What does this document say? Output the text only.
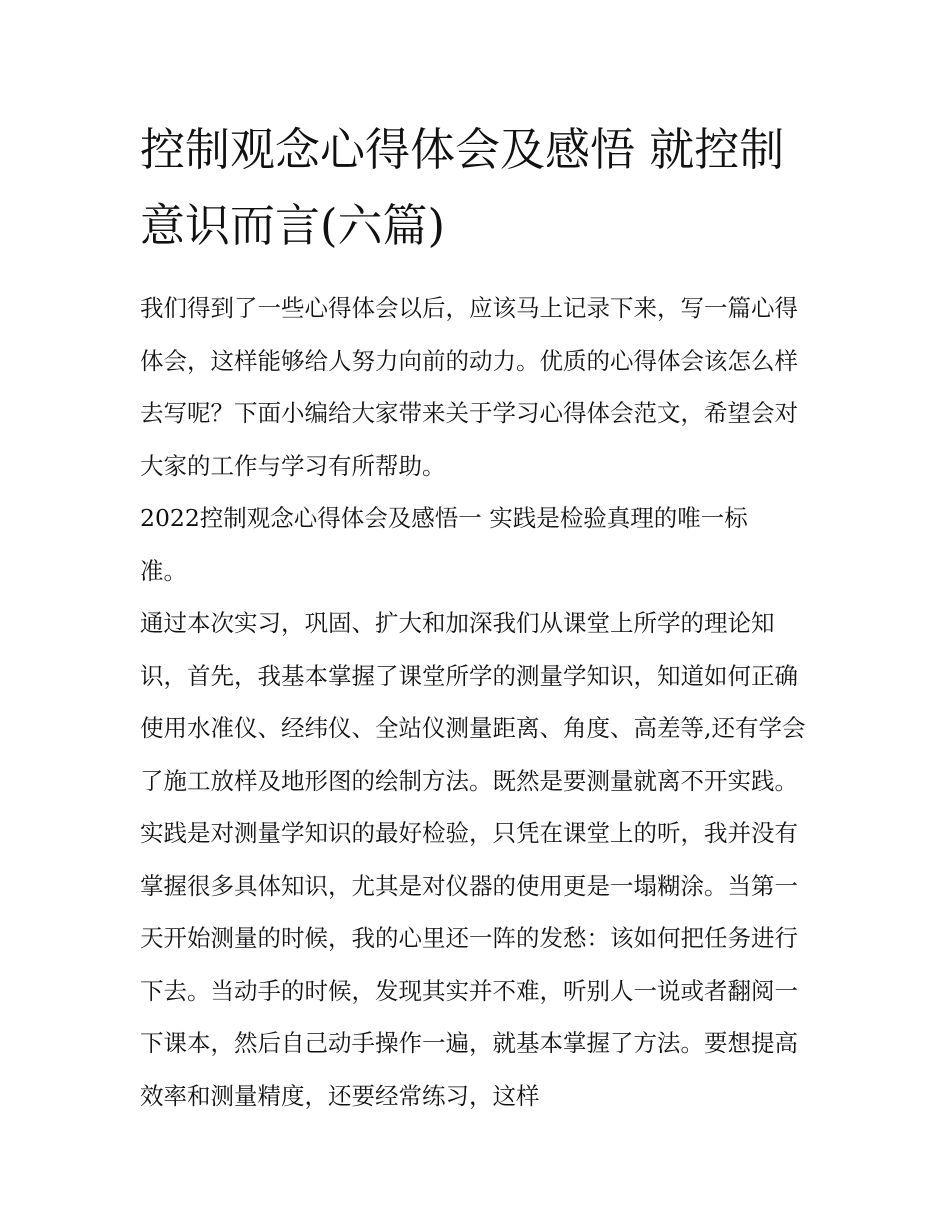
控制观念心得体会及感悟 就控制意识而言(六篇)

我们得到了一些心得体会以后，应该马上记录下来，写一篇心得体会，这样能够给人努力向前的动力。优质的心得体会该怎么样去写呢？下面小编给大家带来关于学习心得体会范文，希望会对大家的工作与学习有所帮助。

2022控制观念心得体会及感悟一 实践是检验真理的唯一标准。

通过本次实习，巩固、扩大和加深我们从课堂上所学的理论知识，首先，我基本掌握了课堂所学的测量学知识，知道如何正确使用水准仪、经纬仪、全站仪测量距离、角度、高差等,还有学会了施工放样及地形图的绘制方法。既然是要测量就离不开实践。实践是对测量学知识的最好检验，只凭在课堂上的听，我并没有掌握很多具体知识，尤其是对仪器的使用更是一塌糊涂。当第一天开始测量的时候，我的心里还一阵的发愁：该如何把任务进行下去。当动手的时候，发现其实并不难，听别人一说或者翻阅一下课本，然后自己动手操作一遍，就基本掌握了方法。要想提高效率和测量精度，还要经常练习，这样
